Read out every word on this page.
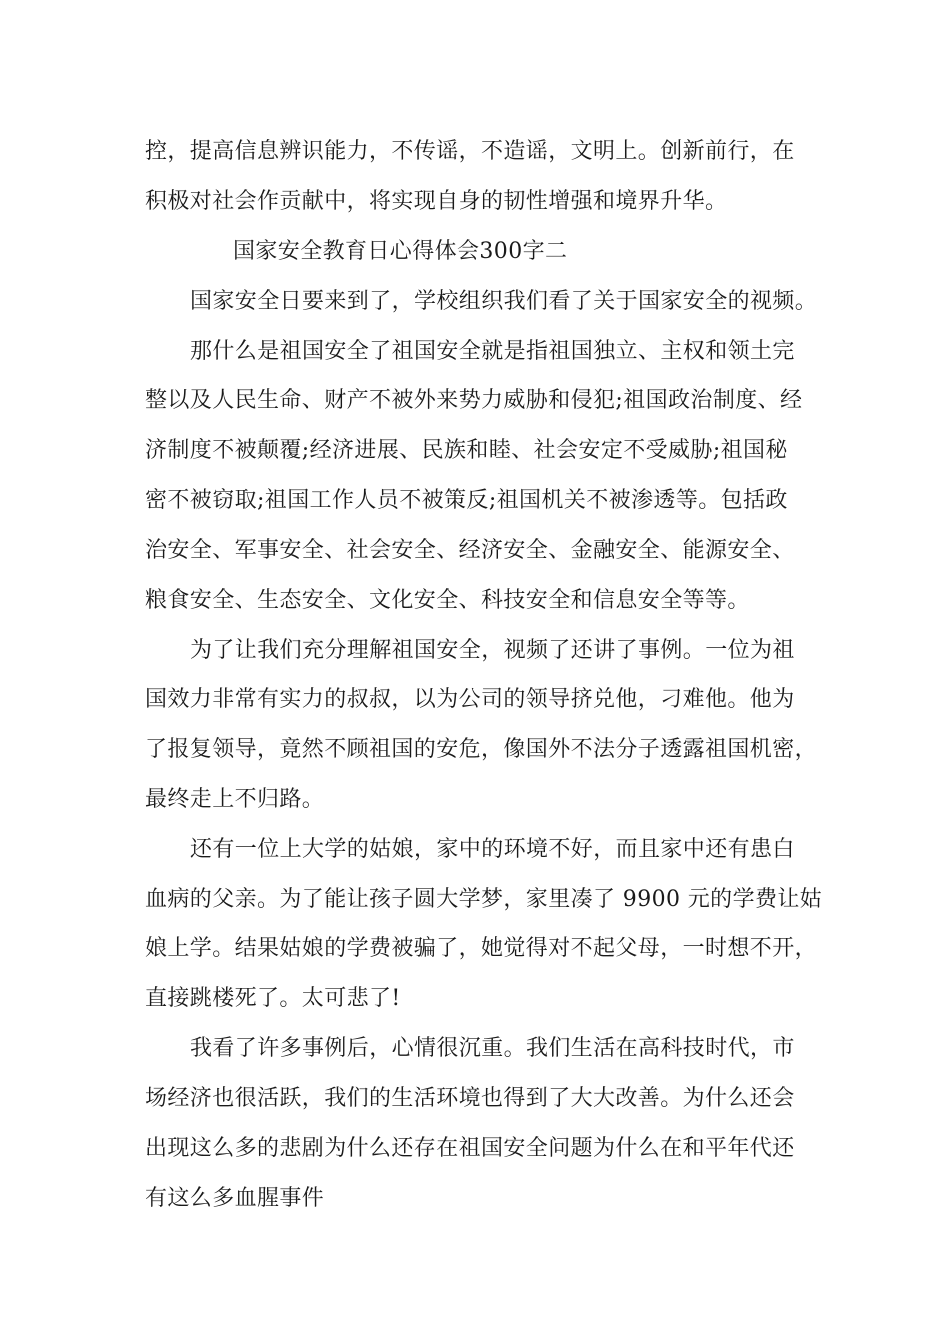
控，提高信息辨识能力，不传谣，不造谣，文明上。创新前行，在
积极对社会作贡献中，将实现自身的韧性增强和境界升华。
国家安全教育日心得体会300字二
国家安全日要来到了，学校组织我们看了关于国家安全的视频。
那什么是祖国安全了祖国安全就是指祖国独立、主权和领土完
整以及人民生命、财产不被外来势力威胁和侵犯;祖国政治制度、经
济制度不被颠覆;经济进展、民族和睦、社会安定不受威胁;祖国秘
密不被窃取;祖国工作人员不被策反;祖国机关不被渗透等。包括政
治安全、军事安全、社会安全、经济安全、金融安全、能源安全、
粮食安全、生态安全、文化安全、科技安全和信息安全等等。
为了让我们充分理解祖国安全，视频了还讲了事例。一位为祖
国效力非常有实力的叔叔，以为公司的领导挤兑他，刁难他。他为
了报复领导，竟然不顾祖国的安危，像国外不法分子透露祖国机密，
最终走上不归路。
还有一位上大学的姑娘，家中的环境不好，而且家中还有患白
血病的父亲。为了能让孩子圆大学梦，家里凑了 9900 元的学费让姑
娘上学。结果姑娘的学费被骗了，她觉得对不起父母，一时想不开，
直接跳楼死了。太可悲了!
我看了许多事例后，心情很沉重。我们生活在高科技时代，市
场经济也很活跃，我们的生活环境也得到了大大改善。为什么还会
出现这么多的悲剧为什么还存在祖国安全问题为什么在和平年代还
有这么多血腥事件
